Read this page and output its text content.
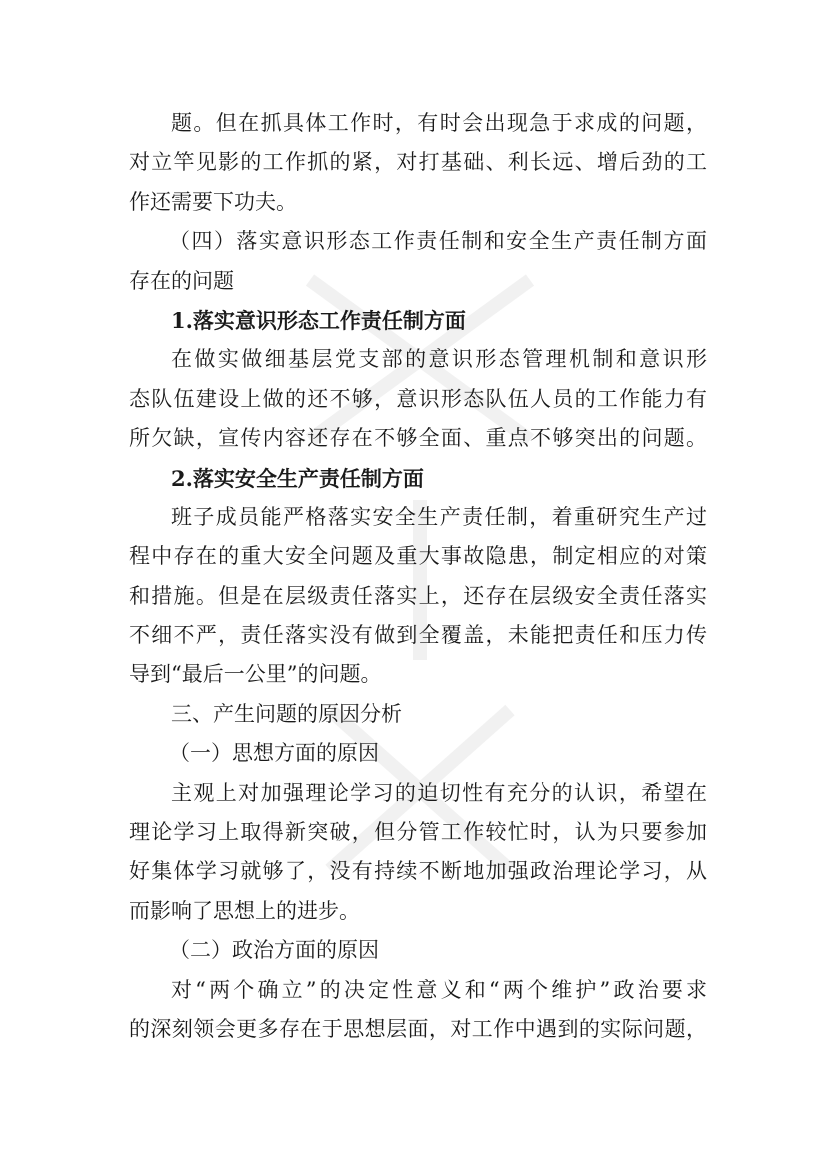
题。但在抓具体工作时，有时会出现急于求成的问题，
对立竿见影的工作抓的紧，对打基础、利长远、增后劲的工
作还需要下功夫。
（四）落实意识形态工作责任制和安全生产责任制方面
存在的问题
1.落实意识形态工作责任制方面
在做实做细基层党支部的意识形态管理机制和意识形
态队伍建设上做的还不够，意识形态队伍人员的工作能力有
所欠缺，宣传内容还存在不够全面、重点不够突出的问题。
2.落实安全生产责任制方面
班子成员能严格落实安全生产责任制，着重研究生产过
程中存在的重大安全问题及重大事故隐患，制定相应的对策
和措施。但是在层级责任落实上，还存在层级安全责任落实
不细不严，责任落实没有做到全覆盖，未能把责任和压力传
导到“最后一公里”的问题。
三、产生问题的原因分析
（一）思想方面的原因
主观上对加强理论学习的迫切性有充分的认识，希望在
理论学习上取得新突破，但分管工作较忙时，认为只要参加
好集体学习就够了，没有持续不断地加强政治理论学习，从
而影响了思想上的进步。
（二）政治方面的原因
对“两个确立”的决定性意义和“两个维护”政治要求
的深刻领会更多存在于思想层面，对工作中遇到的实际问题，
